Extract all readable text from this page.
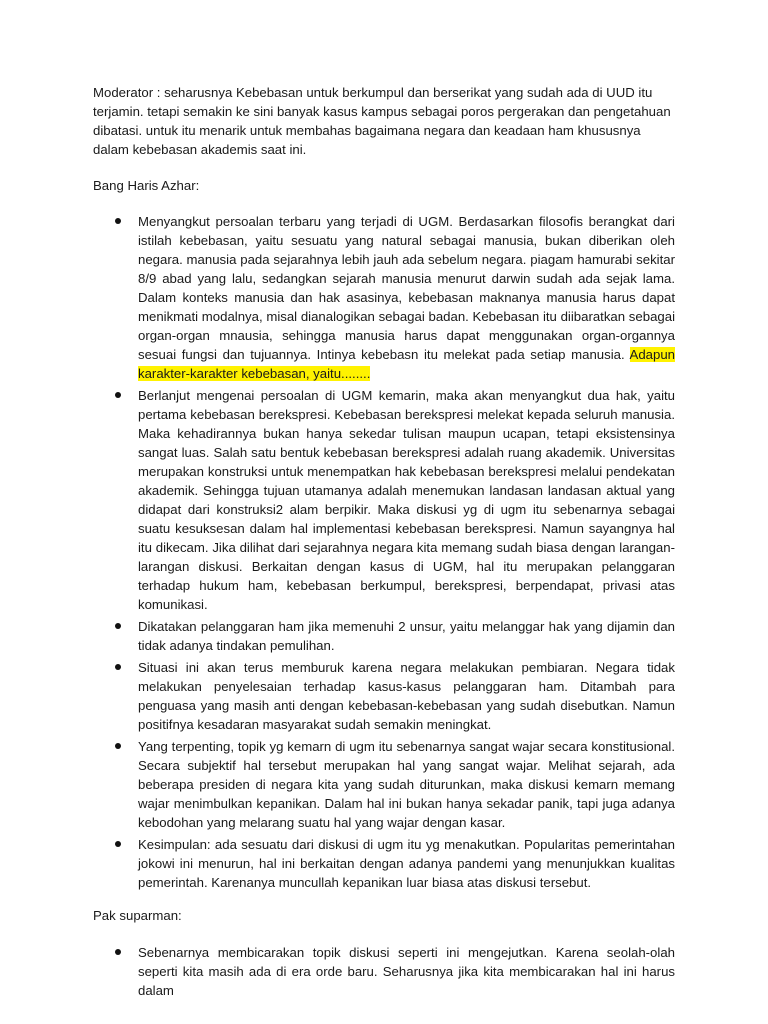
Moderator : seharusnya Kebebasan untuk berkumpul dan berserikat yang sudah ada di UUD itu terjamin. tetapi semakin ke sini banyak kasus kampus sebagai poros pergerakan dan pengetahuan dibatasi. untuk itu menarik untuk membahas bagaimana negara dan keadaan ham khususnya dalam kebebasan akademis saat ini.

Bang Haris Azhar:

Menyangkut persoalan terbaru yang terjadi di UGM. Berdasarkan filosofis berangkat dari istilah kebebasan, yaitu sesuatu yang natural sebagai manusia, bukan diberikan oleh negara. manusia pada sejarahnya lebih jauh ada sebelum negara. piagam hamurabi sekitar 8/9 abad yang lalu, sedangkan sejarah manusia menurut darwin sudah ada sejak lama. Dalam konteks manusia dan hak asasinya, kebebasan maknanya manusia harus dapat menikmati modalnya, misal dianalogikan sebagai badan. Kebebasan itu diibaratkan sebagai organ-organ mnausia, sehingga manusia harus dapat menggunakan organ-organnya sesuai fungsi dan tujuannya. Intinya kebebasn itu melekat pada setiap manusia. Adapun karakter-karakter kebebasan, yaitu........
Berlanjut mengenai persoalan di UGM kemarin, maka akan menyangkut dua hak, yaitu pertama kebebasan berekspresi. Kebebasan berekspresi melekat kepada seluruh manusia. Maka kehadirannya bukan hanya sekedar tulisan maupun ucapan, tetapi eksistensinya sangat luas. Salah satu bentuk kebebasan berekspresi adalah ruang akademik. Universitas merupakan konstruksi untuk menempatkan hak kebebasan berekspresi melalui pendekatan akademik. Sehingga tujuan utamanya adalah menemukan landasan landasan aktual yang didapat dari konstruksi2 alam berpikir. Maka diskusi yg di ugm itu sebenarnya sebagai suatu kesuksesan dalam hal implementasi kebebasan berekspresi. Namun sayangnya hal itu dikecam. Jika dilihat dari sejarahnya negara kita memang sudah biasa dengan larangan-larangan diskusi. Berkaitan dengan kasus di UGM, hal itu merupakan pelanggaran terhadap hukum ham, kebebasan berkumpul, berekspresi, berpendapat, privasi atas komunikasi.
Dikatakan pelanggaran ham jika memenuhi 2 unsur, yaitu melanggar hak yang dijamin dan tidak adanya tindakan pemulihan.
Situasi ini akan terus memburuk karena negara melakukan pembiaran. Negara tidak melakukan penyelesaian terhadap kasus-kasus pelanggaran ham. Ditambah para penguasa yang masih anti dengan kebebasan-kebebasan yang sudah disebutkan. Namun positifnya kesadaran masyarakat sudah semakin meningkat.
Yang terpenting, topik yg kemarn di ugm itu sebenarnya sangat wajar secara konstitusional. Secara subjektif hal tersebut merupakan hal yang sangat wajar. Melihat sejarah, ada beberapa presiden di negara kita yang sudah diturunkan, maka diskusi kemarn memang wajar menimbulkan kepanikan. Dalam hal ini bukan hanya sekadar panik, tapi juga adanya kebodohan yang melarang suatu hal yang wajar dengan kasar.
Kesimpulan: ada sesuatu dari diskusi di ugm itu yg menakutkan. Popularitas pemerintahan jokowi ini menurun, hal ini berkaitan dengan adanya pandemi yang menunjukkan kualitas pemerintah. Karenanya muncullah kepanikan luar biasa atas diskusi tersebut.

Pak suparman:

Sebenarnya membicarakan topik diskusi seperti ini mengejutkan. Karena seolah-olah seperti kita masih ada di era orde baru. Seharusnya jika kita membicarakan hal ini harus dalam
